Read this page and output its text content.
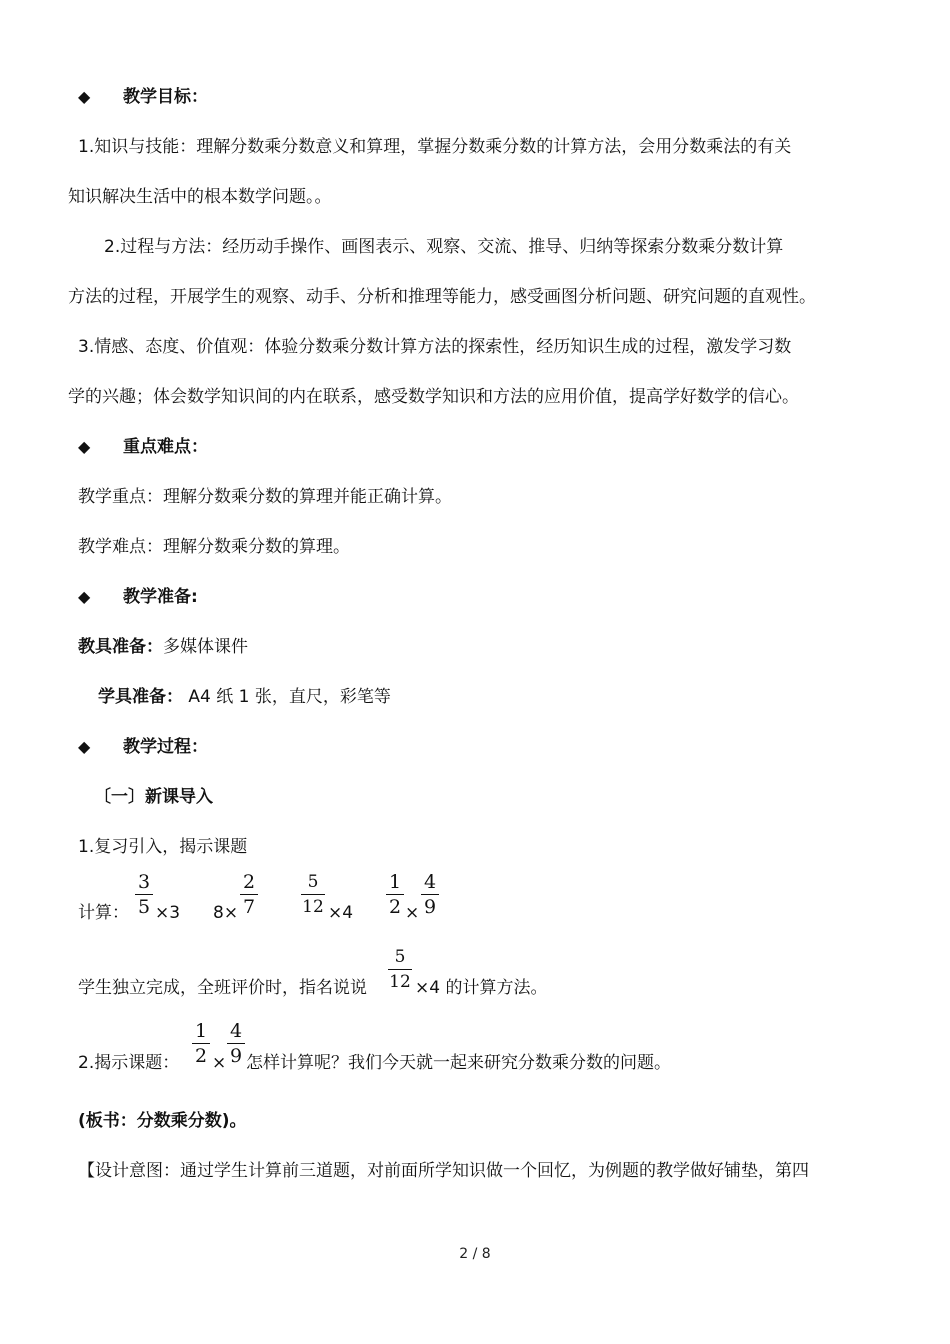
◆ 教学目标：
1.知识与技能：理解分数乘分数意义和算理，掌握分数乘分数的计算方法，会用分数乘法的有关
知识解决生活中的根本数学问题。。
2.过程与方法：经历动手操作、画图表示、观察、交流、推导、归纳等探索分数乘分数计算
方法的过程，开展学生的观察、动手、分析和推理等能力，感受画图分析问题、研究问题的直观性。
3.情感、态度、价值观：体验分数乘分数计算方法的探索性，经历知识生成的过程，激发学习数
学的兴趣；体会数学知识间的内在联系，感受数学知识和方法的应用价值，提高学好数学的信心。
◆ 重点难点：
教学重点：理解分数乘分数的算理并能正确计算。
教学难点：理解分数乘分数的算理。
◆ 教学准备:
教具准备：多媒体课件
学具准备： A4 纸 1 张，直尺，彩笔等
◆ 教学过程：
〔一〕新课导入
1.复习引入，揭示课题
计算：
3
5 ×3 8×
2
7
5
12 ×4
1
2 ×
4
9
学生独立完成，全班评价时，指名说说
5
12 ×4 的计算方法。
2.揭示课题：
1
2 ×
4
9 怎样计算呢？我们今天就一起来研究分数乘分数的问题。
(板书：分数乘分数)。
【设计意图：通过学生计算前三道题，对前面所学知识做一个回忆，为例题的教学做好铺垫，第四
2 / 8
